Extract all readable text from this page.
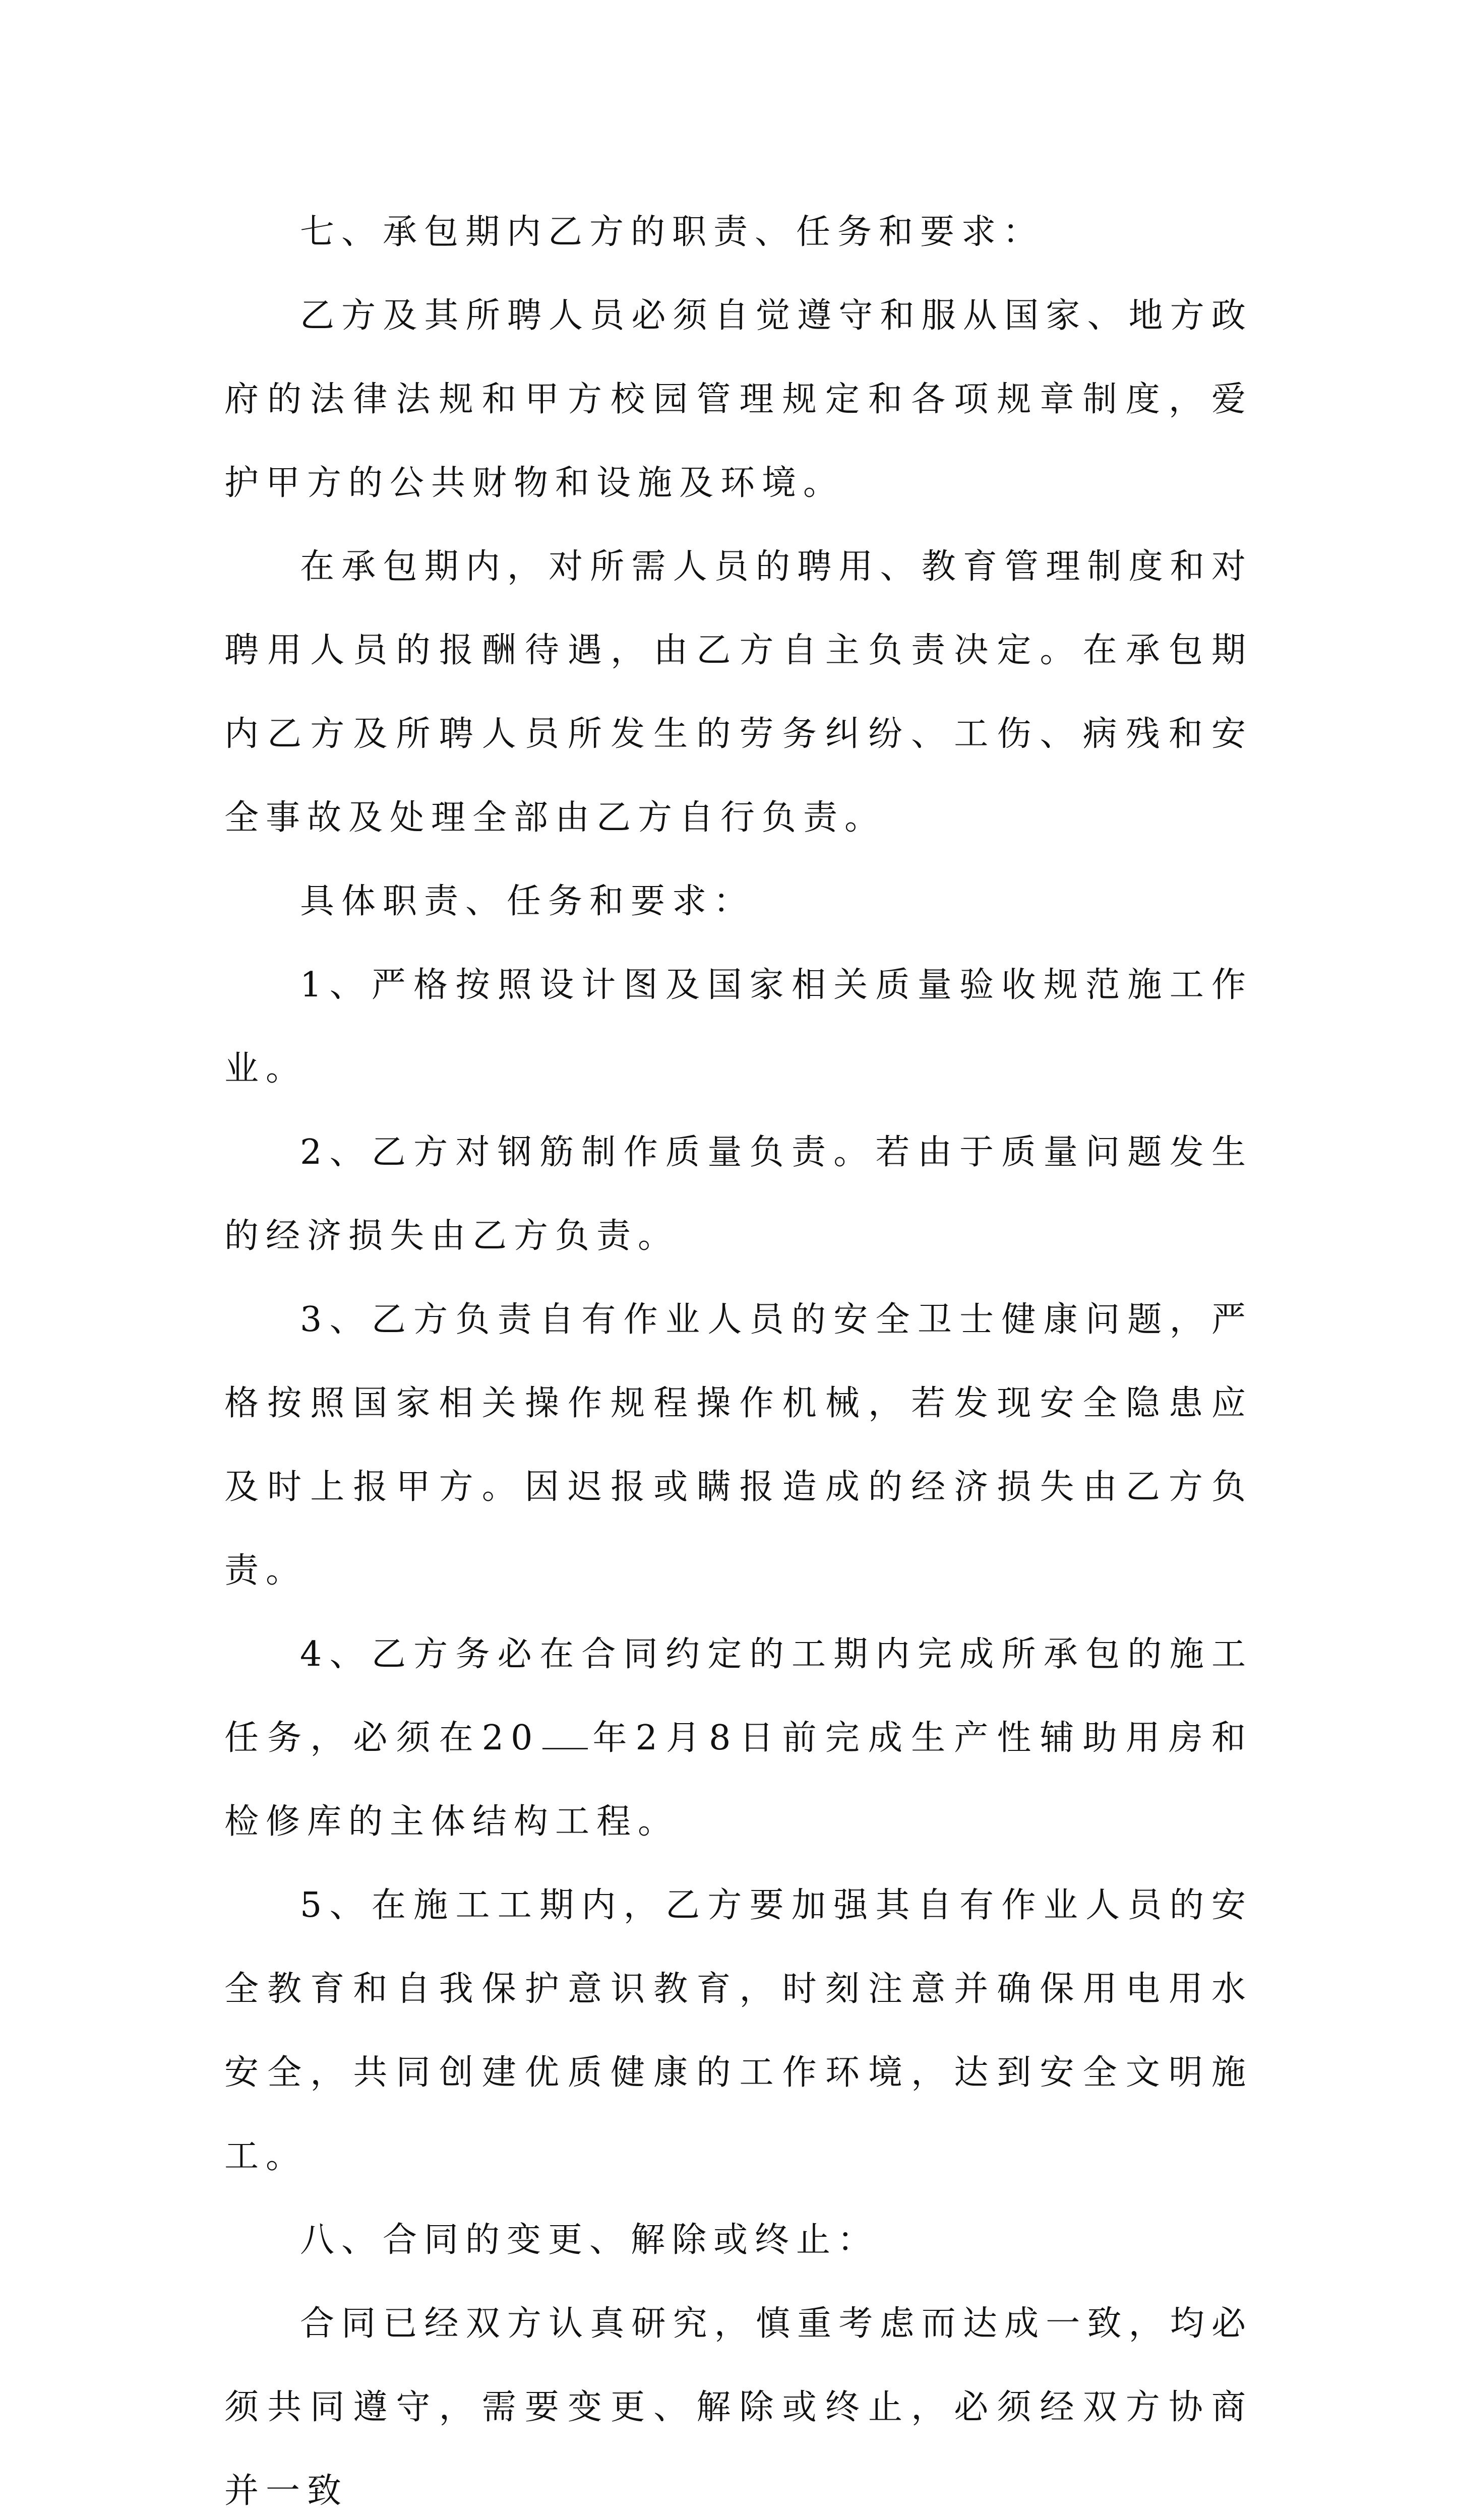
七、承包期内乙方的职责、任务和要求：

乙方及其所聘人员必须自觉遵守和服从国家、地方政府的法律法规和甲方校园管理规定和各项规章制度，爱护甲方的公共财物和设施及环境。

在承包期内，对所需人员的聘用、教育管理制度和对聘用人员的报酬待遇，由乙方自主负责决定。在承包期内乙方及所聘人员所发生的劳务纠纷、工伤、病残和安全事故及处理全部由乙方自行负责。

具体职责、任务和要求：

1、严格按照设计图及国家相关质量验收规范施工作业。

2、乙方对钢筋制作质量负责。若由于质量问题发生的经济损失由乙方负责。

3、乙方负责自有作业人员的安全卫士健康问题，严格按照国家相关操作规程操作机械，若发现安全隐患应及时上报甲方。因迟报或瞒报造成的经济损失由乙方负责。

4、乙方务必在合同约定的工期内完成所承包的施工任务，必须在20 年2月8日前完成生产性辅助用房和检修库的主体结构工程。

5、在施工工期内，乙方要加强其自有作业人员的安全教育和自我保护意识教育，时刻注意并确保用电用水安全，共同创建优质健康的工作环境，达到安全文明施工。

八、合同的变更、解除或终止：

合同已经双方认真研究，慎重考虑而达成一致，均必须共同遵守，需要变更、解除或终止，必须经双方协商并一致
